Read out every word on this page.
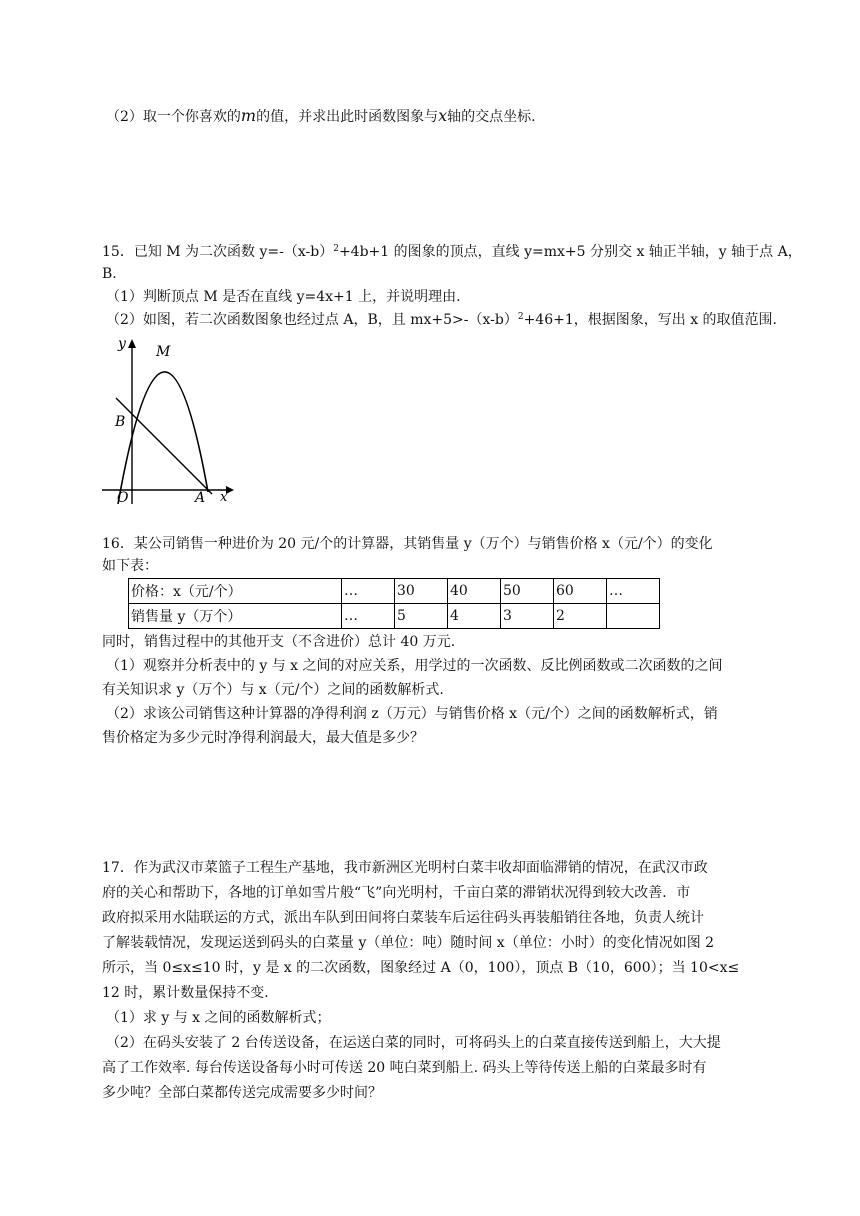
（2）取一个你喜欢的m的值，并求出此时函数图象与x轴的交点坐标.
15．已知 M 为二次函数 $y=-(x-b)^2+4b+1$ 的图象的顶点，直线 y=mx+5 分别交 x 轴正半轴，y 轴于点 A，
B.
（1）判断顶点 M 是否在直线 y=4x+1 上，并说明理由.
（2）如图，若二次函数图象也经过点 A，B，且 $mx+5>-(x-b)^2+46+1$，根据图象，写出 x 的取值范围.
y M
B
O	A x
16．某公司销售一种进价为 20 元/个的计算器，其销售量 y（万个）与销售价格 x（元/个）的变化
如下表：
价格：x（元/个）	…	30	40	50	60	…
销售量 y（万个）	…	5	4	3	2	
同时，销售过程中的其他开支（不含进价）总计 40 万元.
（1）观察并分析表中的 y 与 x 之间的对应关系，用学过的一次函数、反比例函数或二次函数的之间
有关知识求 y（万个）与 x（元/个）之间的函数解析式.
（2）求该公司销售这种计算器的净得利润 z（万元）与销售价格 x（元/个）之间的函数解析式，销
售价格定为多少元时净得利润最大，最大值是多少？
17．作为武汉市菜篮子工程生产基地，我市新洲区光明村白菜丰收却面临滞销的情况，在武汉市政
府的关心和帮助下，各地的订单如雪片般“飞”向光明村，千亩白菜的滞销状况得到较大改善．市
政府拟采用水陆联运的方式，派出车队到田间将白菜装车后运往码头再装船销往各地，负责人统计
了解装载情况，发现运送到码头的白菜量 y（单位：吨）随时间 x（单位：小时）的变化情况如图 2
所示，当 0≤x≤10 时，y 是 x 的二次函数，图象经过 A（0，100），顶点 B（10，600）；当 10<x≤
12 时，累计数量保持不变.
（1）求 y 与 x 之间的函数解析式；
（2）在码头安装了 2 台传送设备，在运送白菜的同时，可将码头上的白菜直接传送到船上，大大提
高了工作效率. 每台传送设备每小时可传送 20 吨白菜到船上. 码头上等待传送上船的白菜最多时有
多少吨？全部白菜都传送完成需要多少时间？
